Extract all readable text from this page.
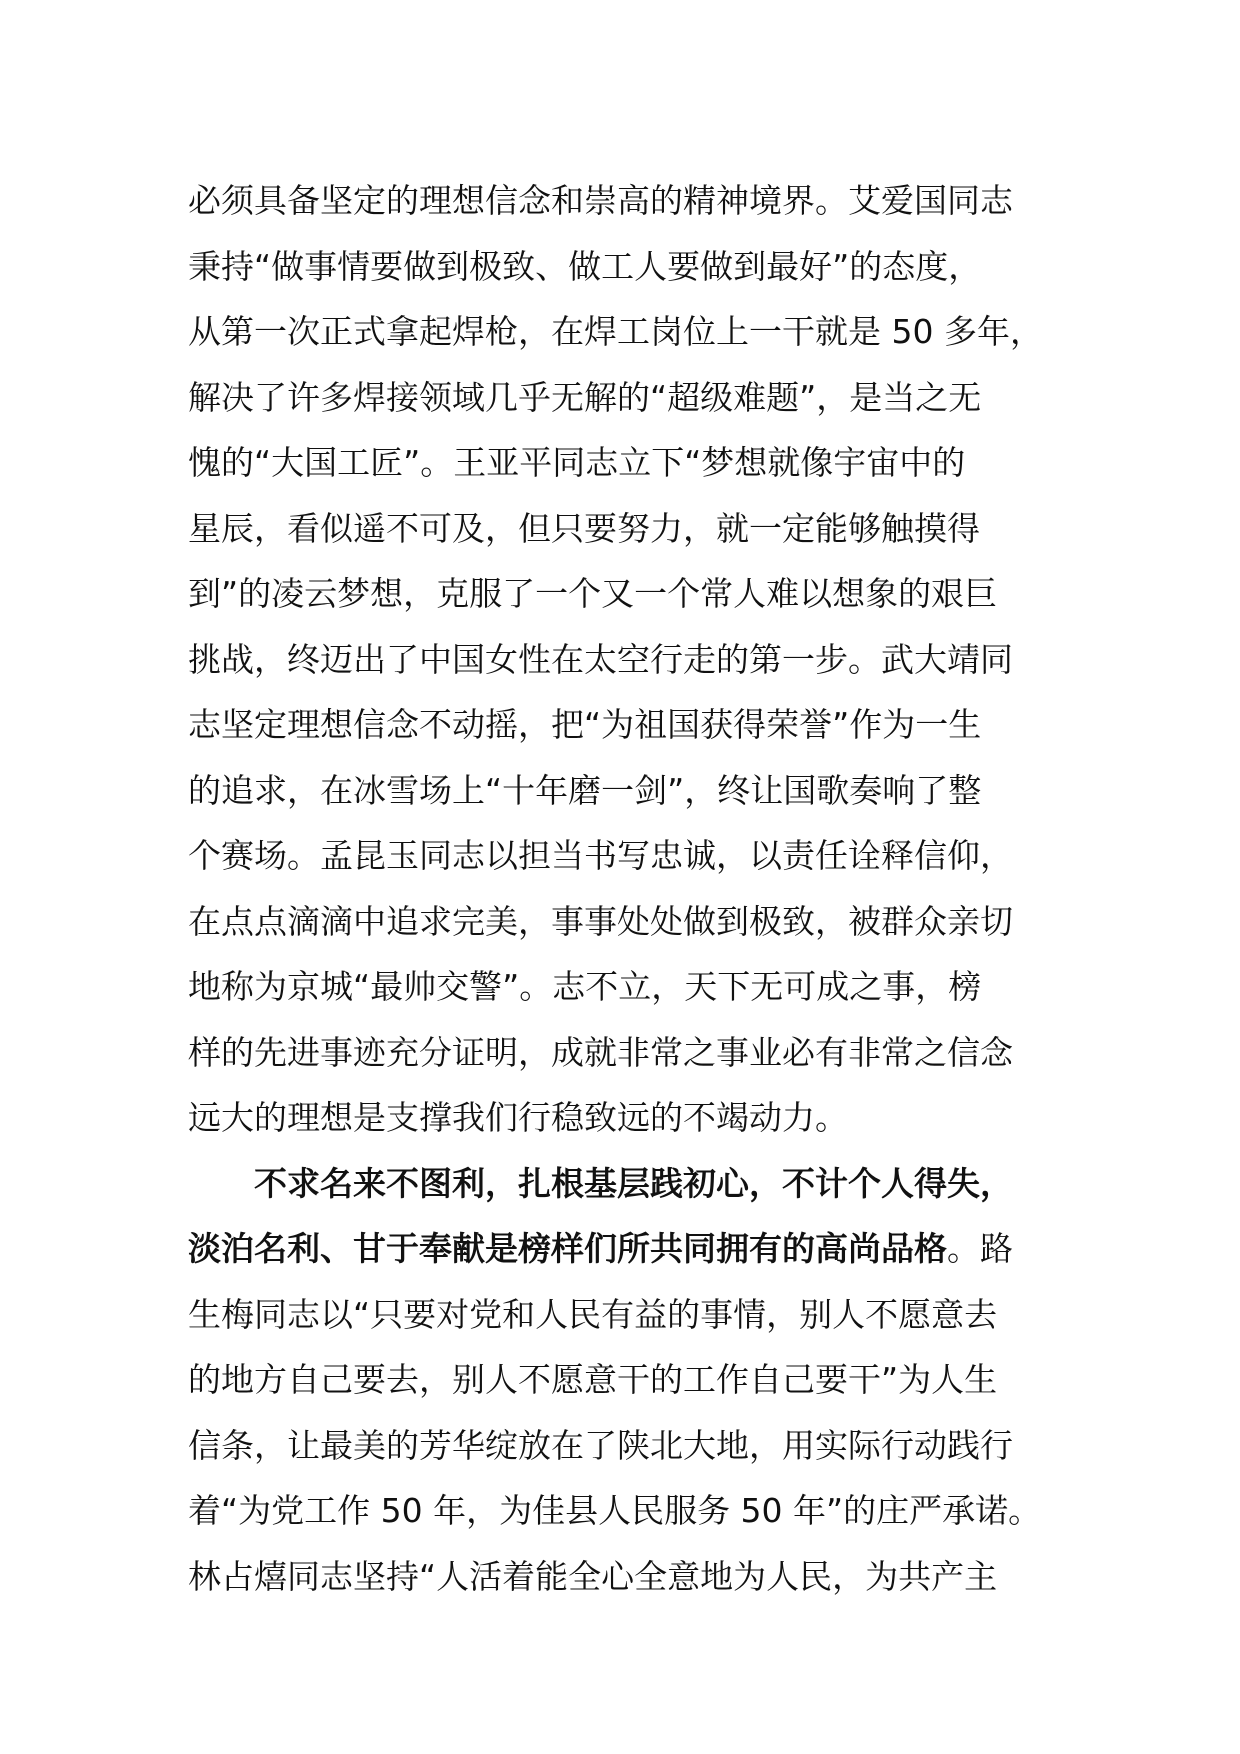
必须具备坚定的理想信念和崇高的精神境界。艾爱国同志
秉持“做事情要做到极致、做工人要做到最好”的态度，
从第一次正式拿起焊枪，在焊工岗位上一干就是 50 多年，
解决了许多焊接领域几乎无解的“超级难题”，是当之无
愧的“大国工匠”。王亚平同志立下“梦想就像宇宙中的
星辰，看似遥不可及，但只要努力，就一定能够触摸得
到”的凌云梦想，克服了一个又一个常人难以想象的艰巨
挑战，终迈出了中国女性在太空行走的第一步。武大靖同
志坚定理想信念不动摇，把“为祖国获得荣誉”作为一生
的追求，在冰雪场上“十年磨一剑”，终让国歌奏响了整
个赛场。孟昆玉同志以担当书写忠诚，以责任诠释信仰，
在点点滴滴中追求完美，事事处处做到极致，被群众亲切
地称为京城“最帅交警”。志不立，天下无可成之事，榜
样的先进事迹充分证明，成就非常之事业必有非常之信念
远大的理想是支撑我们行稳致远的不竭动力。
不求名来不图利，扎根基层践初心，不计个人得失，
淡泊名利、甘于奉献是榜样们所共同拥有的高尚品格。路
生梅同志以“只要对党和人民有益的事情，别人不愿意去
的地方自己要去，别人不愿意干的工作自己要干”为人生
信条，让最美的芳华绽放在了陕北大地，用实际行动践行
着“为党工作 50 年，为佳县人民服务 50 年”的庄严承诺。
林占熺同志坚持“人活着能全心全意地为人民，为共产主
